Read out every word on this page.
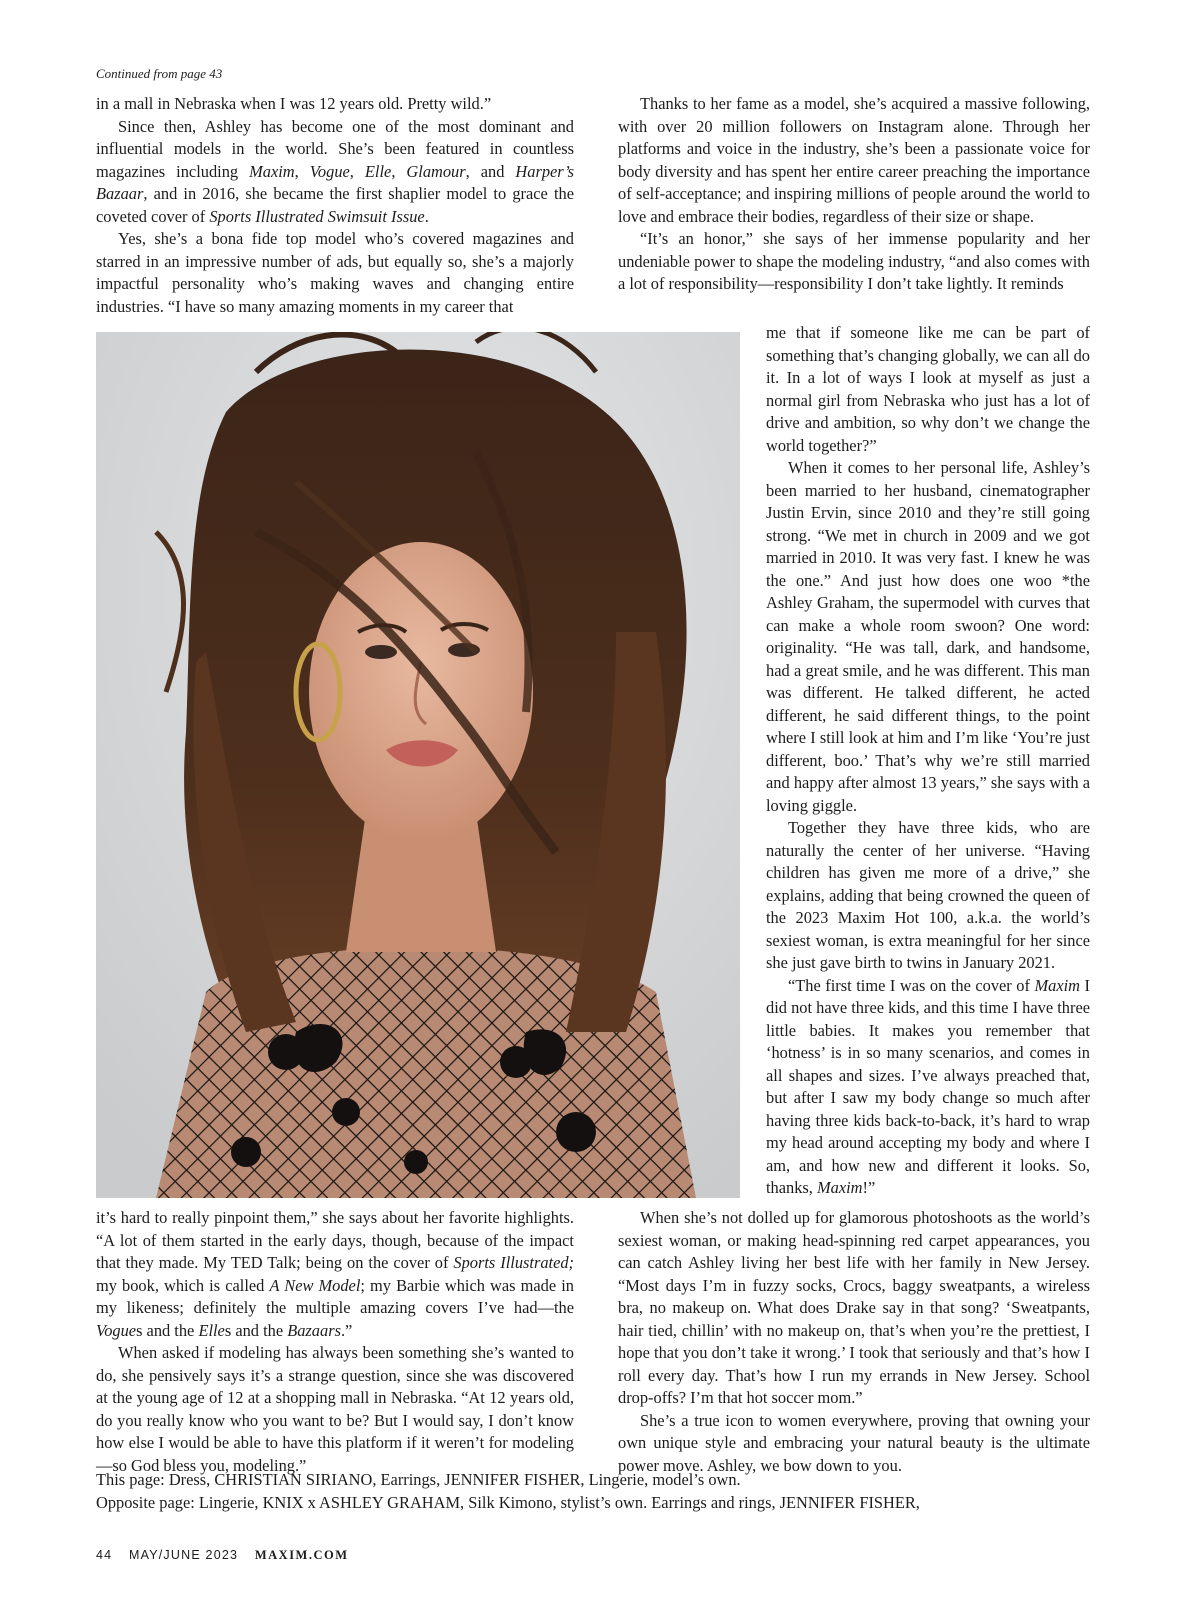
Continued from page 43

in a mall in Nebraska when I was 12 years old. Pretty wild.”

Since then, Ashley has become one of the most dominant and influential models in the world. She’s been featured in countless magazines including Maxim, Vogue, Elle, Glamour, and Harper’s Bazaar, and in 2016, she became the first shaplier model to grace the coveted cover of Sports Illustrated Swimsuit Issue.

Yes, she’s a bona fide top model who’s covered magazines and starred in an impressive number of ads, but equally so, she’s a majorly impactful personality who’s making waves and changing entire industries. “I have so many amazing moments in my career that

Thanks to her fame as a model, she’s acquired a massive following, with over 20 million followers on Instagram alone. Through her platforms and voice in the industry, she’s been a passionate voice for body diversity and has spent her entire career preaching the importance of self-acceptance; and inspiring millions of people around the world to love and embrace their bodies, regardless of their size or shape.

“It’s an honor,” she says of her immense popularity and her undeniable power to shape the modeling industry, “and also comes with a lot of responsibility—responsibility I don’t take lightly. It reminds

me that if someone like me can be part of something that’s changing globally, we can all do it. In a lot of ways I look at myself as just a normal girl from Nebraska who just has a lot of drive and ambition, so why don’t we change the world together?”

When it comes to her personal life, Ashley’s been married to her husband, cinematographer Justin Ervin, since 2010 and they’re still going strong. “We met in church in 2009 and we got married in 2010. It was very fast. I knew he was the one.” And just how does one woo *the Ashley Graham, the supermodel with curves that can make a whole room swoon? One word: originality. “He was tall, dark, and handsome, had a great smile, and he was different. This man was different. He talked different, he acted different, he said different things, to the point where I still look at him and I’m like ‘You’re just different, boo.’ That’s why we’re still married and happy after almost 13 years,” she says with a loving giggle.

Together they have three kids, who are naturally the center of her universe. “Having children has given me more of a drive,” she explains, adding that being crowned the queen of the 2023 Maxim Hot 100, a.k.a. the world’s sexiest woman, is extra meaningful for her since she just gave birth to twins in January 2021.

“The first time I was on the cover of Maxim I did not have three kids, and this time I have three little babies. It makes you remember that ‘hotness’ is in so many scenarios, and comes in all shapes and sizes. I’ve always preached that, but after I saw my body change so much after having three kids back-to-back, it’s hard to wrap my head around accepting my body and where I am, and how new and different it looks. So, thanks, Maxim!”

it’s hard to really pinpoint them,” she says about her favorite highlights. “A lot of them started in the early days, though, because of the impact that they made. My TED Talk; being on the cover of Sports Illustrated; my book, which is called A New Model; my Barbie which was made in my likeness; definitely the multiple amazing covers I’ve had—the Vogues and the Elles and the Bazaars.”

When asked if modeling has always been something she’s wanted to do, she pensively says it’s a strange question, since she was discovered at the young age of 12 at a shopping mall in Nebraska. “At 12 years old, do you really know who you want to be? But I would say, I don’t know how else I would be able to have this platform if it weren’t for modeling—so God bless you, modeling.”

When she’s not dolled up for glamorous photoshoots as the world’s sexiest woman, or making head-spinning red carpet appearances, you can catch Ashley living her best life with her family in New Jersey. “Most days I’m in fuzzy socks, Crocs, baggy sweatpants, a wireless bra, no makeup on. What does Drake say in that song? ‘Sweatpants, hair tied, chillin’ with no makeup on, that’s when you’re the prettiest, I hope that you don’t take it wrong.’ I took that seriously and that’s how I roll every day. That’s how I run my errands in New Jersey. School drop-offs? I’m that hot soccer mom.”

She’s a true icon to women everywhere, proving that owning your own unique style and embracing your natural beauty is the ultimate power move. Ashley, we bow down to you.

This page: Dress, CHRISTIAN SIRIANO, Earrings, JENNIFER FISHER, Lingerie, model’s own.

Opposite page: Lingerie, KNIX x ASHLEY GRAHAM, Silk Kimono, stylist’s own. Earrings and rings, JENNIFER FISHER,

44 MAY/JUNE 2023 MAXIM.COM
